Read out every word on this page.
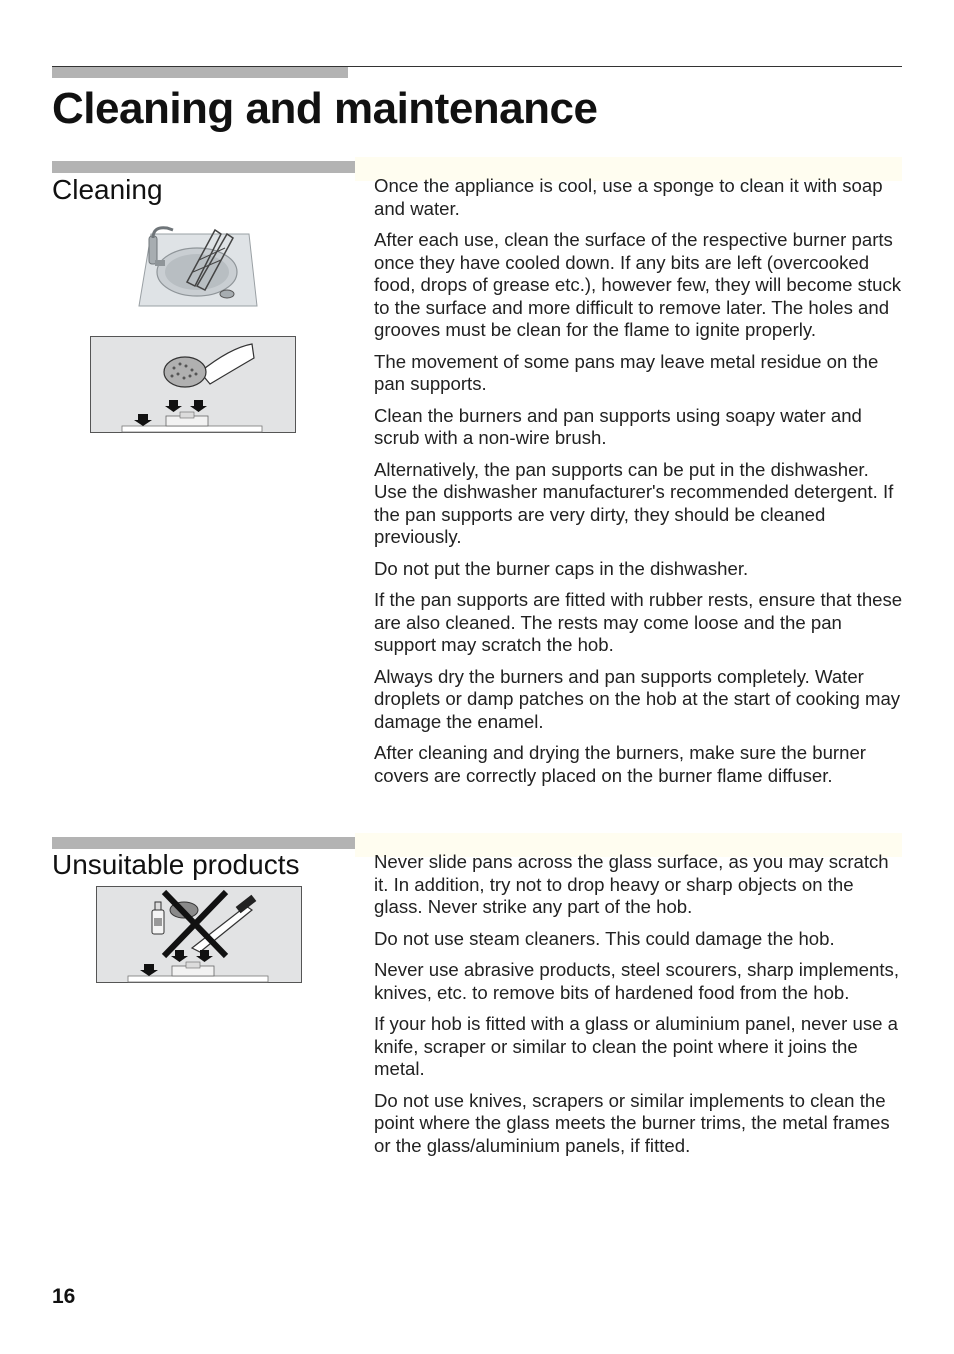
Cleaning and maintenance
Cleaning	Once the appliance is cool, use a sponge to clean it with soap and water.

After each use, clean the surface of the respective burner parts once they have cooled down. If any bits are left (overcooked food, drops of grease etc.), however few, they will become stuck to the surface and more difficult to remove later. The holes and grooves must be clean for the flame to ignite properly.

The movement of some pans may leave metal residue on the pan supports.

Clean the burners and pan supports using soapy water and scrub with a non-wire brush.

Alternatively, the pan supports can be put in the dishwasher. Use the dishwasher manufacturer's recommended detergent. If the pan supports are very dirty, they should be cleaned previously.

Do not put the burner caps in the dishwasher.

If the pan supports are fitted with rubber rests, ensure that these are also cleaned. The rests may come loose and the pan support may scratch the hob.

Always dry the burners and pan supports completely. Water droplets or damp patches on the hob at the start of cooking may damage the enamel.

After cleaning and drying the burners, make sure the burner covers are correctly placed on the burner flame diffuser.

Unsuitable products	Never slide pans across the glass surface, as you may scratch it. In addition, try not to drop heavy or sharp objects on the glass. Never strike any part of the hob.

Do not use steam cleaners. This could damage the hob.

Never use abrasive products, steel scourers, sharp implements, knives, etc. to remove bits of hardened food from the hob.

If your hob is fitted with a glass or aluminium panel, never use a knife, scraper or similar to clean the point where it joins the metal.

Do not use knives, scrapers or similar implements to clean the point where the glass meets the burner trims, the metal frames or the glass/aluminium panels, if fitted.

16
